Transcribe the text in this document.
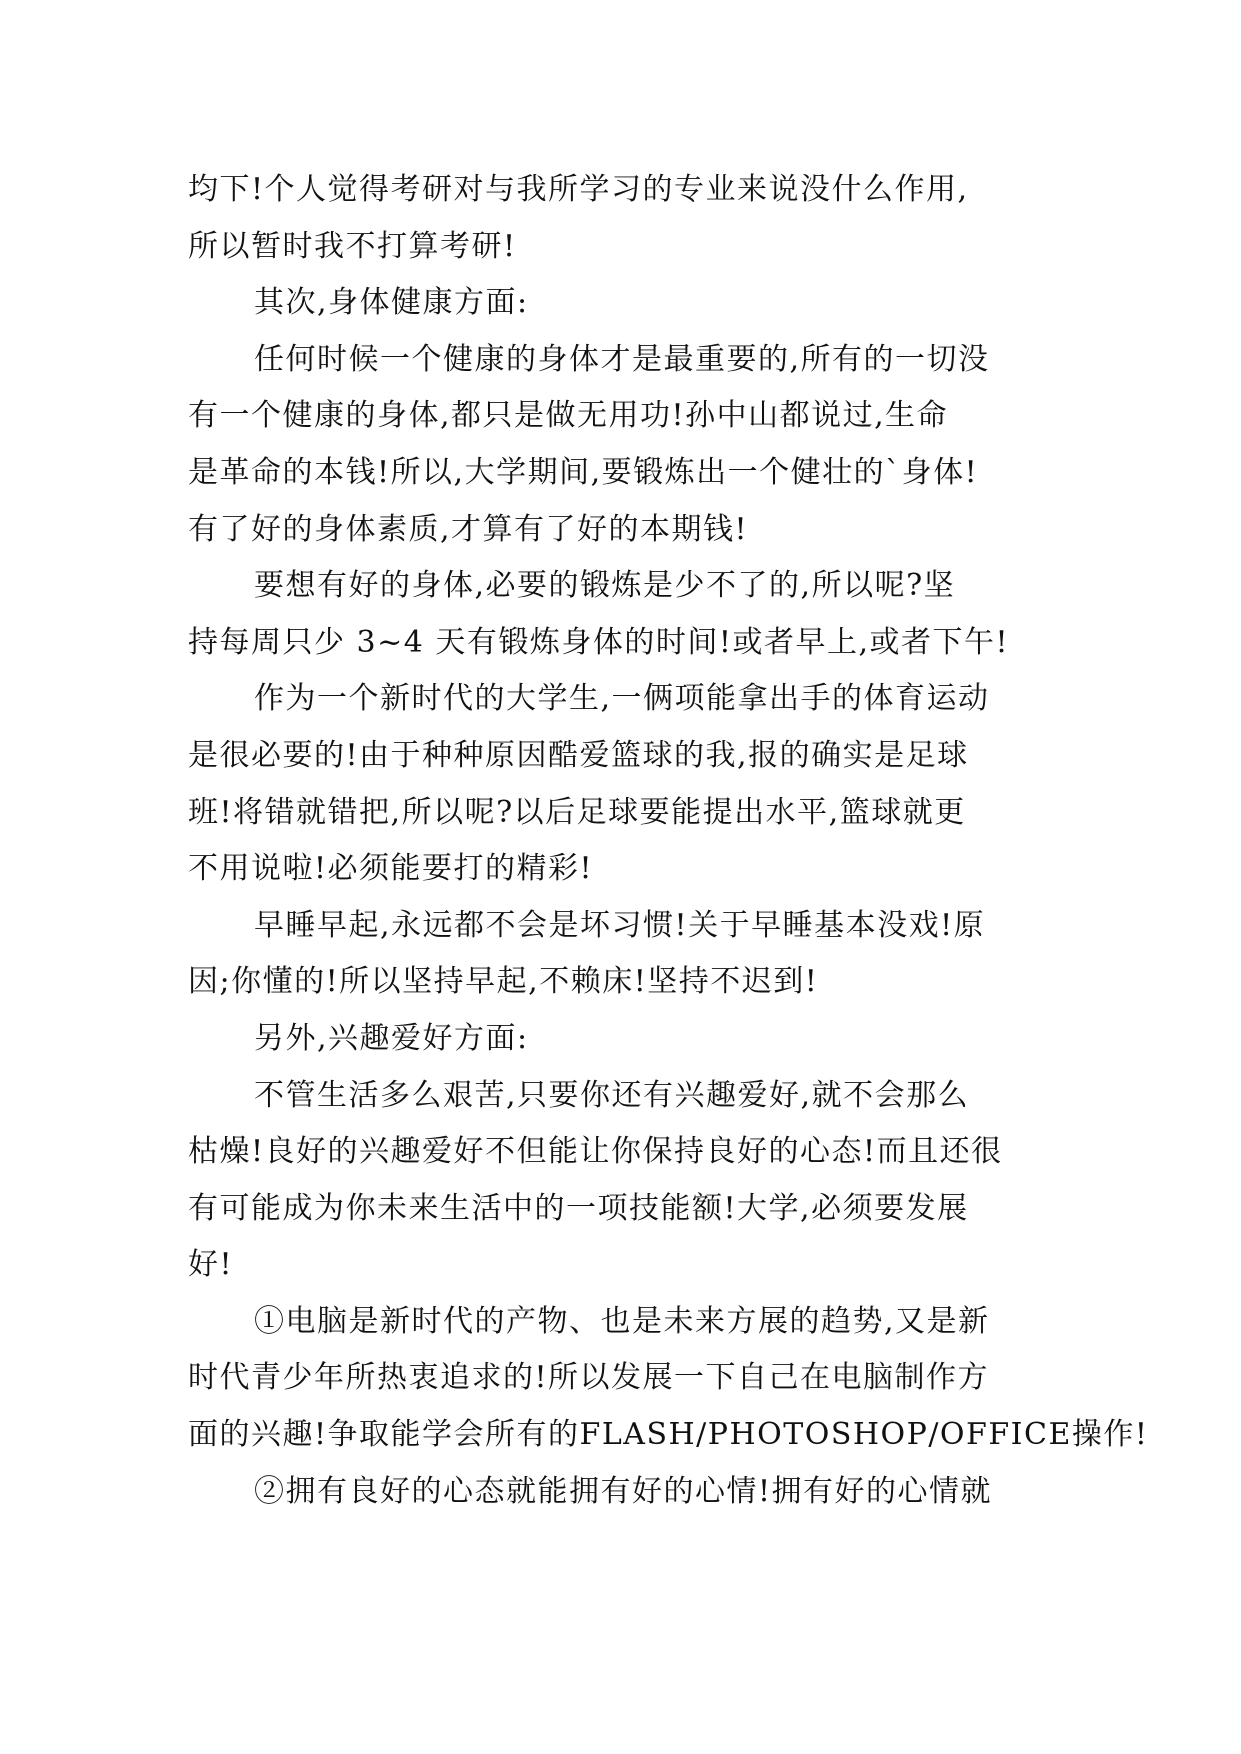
均下!个人觉得考研对与我所学习的专业来说没什么作用,
所以暂时我不打算考研!
其次,身体健康方面:
任何时候一个健康的身体才是最重要的,所有的一切没
有一个健康的身体,都只是做无用功!孙中山都说过,生命
是革命的本钱!所以,大学期间,要锻炼出一个健壮的`身体!
有了好的身体素质,才算有了好的本期钱!
要想有好的身体,必要的锻炼是少不了的,所以呢?坚
持每周只少 3~4 天有锻炼身体的时间!或者早上,或者下午!
作为一个新时代的大学生,一俩项能拿出手的体育运动
是很必要的!由于种种原因酷爱篮球的我,报的确实是足球
班!将错就错把,所以呢?以后足球要能提出水平,篮球就更
不用说啦!必须能要打的精彩!
早睡早起,永远都不会是坏习惯!关于早睡基本没戏!原
因;你懂的!所以坚持早起,不赖床!坚持不迟到!
另外,兴趣爱好方面:
不管生活多么艰苦,只要你还有兴趣爱好,就不会那么
枯燥!良好的兴趣爱好不但能让你保持良好的心态!而且还很
有可能成为你未来生活中的一项技能额!大学,必须要发展
好!
①电脑是新时代的产物、也是未来方展的趋势,又是新
时代青少年所热衷追求的!所以发展一下自己在电脑制作方
面的兴趣!争取能学会所有的FLASH/PHOTOSHOP/OFFICE操作!
②拥有良好的心态就能拥有好的心情!拥有好的心情就
